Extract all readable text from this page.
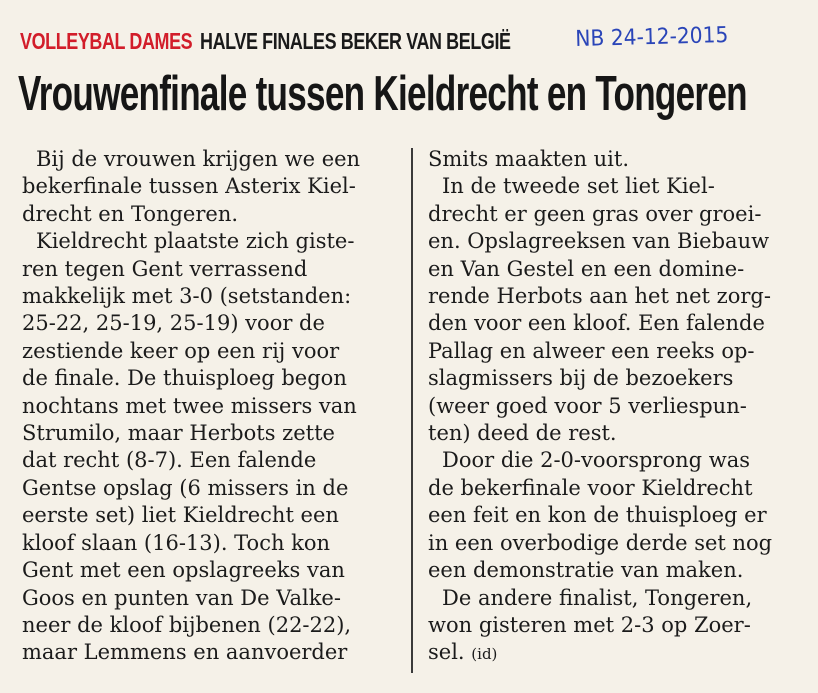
VOLLEYBAL DAMES HALVE FINALES BEKER VAN BELGIË	NB 24-12-2015
Vrouwenfinale tussen Kieldrecht en Tongeren
Bij de vrouwen krijgen we een
bekerfinale tussen Asterix Kiel-
drecht en Tongeren.
Kieldrecht plaatste zich giste-
ren tegen Gent verrassend
makkelijk met 3-0 (setstanden:
25-22, 25-19, 25-19) voor de
zestiende keer op een rij voor
de finale. De thuisploeg begon
nochtans met twee missers van
Strumilo, maar Herbots zette
dat recht (8-7). Een falende
Gentse opslag (6 missers in de
eerste set) liet Kieldrecht een
kloof slaan (16-13). Toch kon
Gent met een opslagreeks van
Goos en punten van De Valke-
neer de kloof bijbenen (22-22),
maar Lemmens en aanvoerder
Smits maakten uit.
In de tweede set liet Kiel-
drecht er geen gras over groei-
en. Opslagreeksen van Biebauw
en Van Gestel en een domine-
rende Herbots aan het net zorg-
den voor een kloof. Een falende
Pallag en alweer een reeks op-
slagmissers bij de bezoekers
(weer goed voor 5 verliespun-
ten) deed de rest.
Door die 2-0-voorsprong was
de bekerfinale voor Kieldrecht
een feit en kon de thuisploeg er
in een overbodige derde set nog
een demonstratie van maken.
De andere finalist, Tongeren,
won gisteren met 2-3 op Zoer-
sel. (id)
